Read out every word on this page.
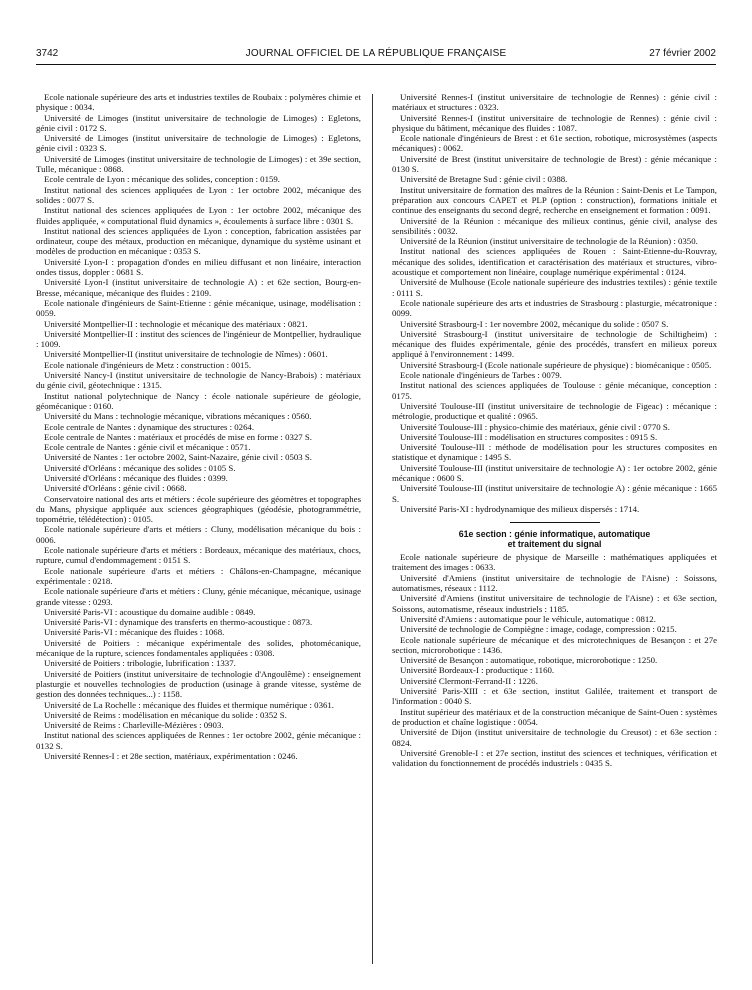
3742	JOURNAL OFFICIEL DE LA RÉPUBLIQUE FRANÇAISE	27 février 2002

Ecole nationale supérieure des arts et industries textiles de Roubaix : polymères chimie et physique : 0034.

Université de Limoges (institut universitaire de technologie de Limoges) : Egletons, génie civil : 0172 S.

Université de Limoges (institut universitaire de technologie de Limoges) : Egletons, génie civil : 0323 S.

Université de Limoges (institut universitaire de technologie de Limoges) : et 39e section, Tulle, mécanique : 0868.

Ecole centrale de Lyon : mécanique des solides, conception : 0159.

Institut national des sciences appliquées de Lyon : 1er octobre 2002, mécanique des solides : 0077 S.

Institut national des sciences appliquées de Lyon : 1er octobre 2002, mécanique des fluides appliquée, « computational fluid dynamics », écoulements à surface libre : 0301 S.

Institut national des sciences appliquées de Lyon : conception, fabrication assistées par ordinateur, coupe des métaux, production en mécanique, dynamique du système usinant et modèles de production en mécanique : 0353 S.

Université Lyon-I : propagation d'ondes en milieu diffusant et non linéaire, interaction ondes tissus, doppler : 0681 S.

Université Lyon-I (institut universitaire de technologie A) : et 62e section, Bourg-en-Bresse, mécanique, mécanique des fluides : 2109.

Ecole nationale d'ingénieurs de Saint-Etienne : génie mécanique, usinage, modélisation : 0059.

Université Montpellier-II : technologie et mécanique des matériaux : 0821.

Université Montpellier-II : institut des sciences de l'ingénieur de Montpellier, hydraulique : 1009.

Université Montpellier-II (institut universitaire de technologie de Nîmes) : 0601.

Ecole nationale d'ingénieurs de Metz : construction : 0015.

Université Nancy-I (institut universitaire de technologie de Nancy-Brabois) : matériaux du génie civil, géotechnique : 1315.

Institut national polytechnique de Nancy : école nationale supérieure de géologie, géomécanique : 0160.

Université du Mans : technologie mécanique, vibrations mécaniques : 0560.

Ecole centrale de Nantes : dynamique des structures : 0264.

Ecole centrale de Nantes : matériaux et procédés de mise en forme : 0327 S.

Ecole centrale de Nantes : génie civil et mécanique : 0571.

Université de Nantes : 1er octobre 2002, Saint-Nazaire, génie civil : 0503 S.

Université d'Orléans : mécanique des solides : 0105 S.

Université d'Orléans : mécanique des fluides : 0399.

Université d'Orléans : génie civil : 0668.

Conservatoire national des arts et métiers : école supérieure des géomètres et topographes du Mans, physique appliquée aux sciences géographiques (géodésie, photogrammétrie, topométrie, télédétection) : 0105.

Ecole nationale supérieure d'arts et métiers : Cluny, modélisation mécanique du bois : 0006.

Ecole nationale supérieure d'arts et métiers : Bordeaux, mécanique des matériaux, chocs, rupture, cumul d'endommagement : 0151 S.

Ecole nationale supérieure d'arts et métiers : Châlons-en-Champagne, mécanique expérimentale : 0218.

Ecole nationale supérieure d'arts et métiers : Cluny, génie mécanique, mécanique, usinage grande vitesse : 0293.

Université Paris-VI : acoustique du domaine audible : 0849.

Université Paris-VI : dynamique des transferts en thermo-acoustique : 0873.

Université Paris-VI : mécanique des fluides : 1068.

Université de Poitiers : mécanique expérimentale des solides, photomécanique, mécanique de la rupture, sciences fondamentales appliquées : 0308.

Université de Poitiers : tribologie, lubrification : 1337.

Université de Poitiers (institut universitaire de technologie d'Angoulême) : enseignement plasturgie et nouvelles technologies de production (usinage à grande vitesse, système de gestion des données techniques...) : 1158.

Université de La Rochelle : mécanique des fluides et thermique numérique : 0361.

Université de Reims : modélisation en mécanique du solide : 0352 S.

Université de Reims : Charleville-Mézières : 0903.

Institut national des sciences appliquées de Rennes : 1er octobre 2002, génie mécanique : 0132 S.

Université Rennes-I : et 28e section, matériaux, expérimentation : 0246.

Université Rennes-I (institut universitaire de technologie de Rennes) : génie civil : matériaux et structures : 0323.

Université Rennes-I (institut universitaire de technologie de Rennes) : génie civil : physique du bâtiment, mécanique des fluides : 1087.

Ecole nationale d'ingénieurs de Brest : et 61e section, robotique, microsystèmes (aspects mécaniques) : 0062.

Université de Brest (institut universitaire de technologie de Brest) : génie mécanique : 0130 S.

Université de Bretagne Sud : génie civil : 0388.

Institut universitaire de formation des maîtres de la Réunion : Saint-Denis et Le Tampon, préparation aux concours CAPET et PLP (option : construction), formations initiale et continue des enseignants du second degré, recherche en enseignement et formation : 0091.

Université de la Réunion : mécanique des milieux continus, génie civil, analyse des sensibilités : 0032.

Université de la Réunion (institut universitaire de technologie de la Réunion) : 0350.

Institut national des sciences appliquées de Rouen : Saint-Etienne-du-Rouvray, mécanique des solides, identification et caractérisation des matériaux et structures, vibro-acoustique et comportement non linéaire, couplage numérique expérimental : 0124.

Université de Mulhouse (Ecole nationale supérieure des industries textiles) : génie textile : 0111 S.

Ecole nationale supérieure des arts et industries de Strasbourg : plasturgie, mécatronique : 0099.

Université Strasbourg-I : 1er novembre 2002, mécanique du solide : 0507 S.

Université Strasbourg-I (institut universitaire de technologie de Schiltigheim) : mécanique des fluides expérimentale, génie des procédés, transfert en milieux poreux appliqué à l'environnement : 1499.

Université Strasbourg-I (Ecole nationale supérieure de physique) : biomécanique : 0505.

Ecole nationale d'ingénieurs de Tarbes : 0079.

Institut national des sciences appliquées de Toulouse : génie mécanique, conception : 0175.

Université Toulouse-III (institut universitaire de technologie de Figeac) : mécanique : métrologie, productique et qualité : 0965.

Université Toulouse-III : physico-chimie des matériaux, génie civil : 0770 S.

Université Toulouse-III : modélisation en structures composites : 0915 S.

Université Toulouse-III : méthode de modélisation pour les structures composites en statistique et dynamique : 1495 S.

Université Toulouse-III (institut universitaire de technologie A) : 1er octobre 2002, génie mécanique : 0600 S.

Université Toulouse-III (institut universitaire de technologie A) : génie mécanique : 1665 S.

Université Paris-XI : hydrodynamique des milieux dispersés : 1714.

61e section : génie informatique, automatique
et traitement du signal

Ecole nationale supérieure de physique de Marseille : mathématiques appliquées et traitement des images : 0633.

Université d'Amiens (institut universitaire de technologie de l'Aisne) : Soissons, automatismes, réseaux : 1112.

Université d'Amiens (institut universitaire de technologie de l'Aisne) : et 63e section, Soissons, automatisme, réseaux industriels : 1185.

Université d'Amiens : automatique pour le véhicule, automatique : 0812.

Université de technologie de Compiègne : image, codage, compression : 0215.

Ecole nationale supérieure de mécanique et des microtechniques de Besançon : et 27e section, microrobotique : 1436.

Université de Besançon : automatique, robotique, microrobotique : 1250.

Université Bordeaux-I : productique : 1160.

Université Clermont-Ferrand-II : 1226.

Université Paris-XIII : et 63e section, institut Galilée, traitement et transport de l'information : 0040 S.

Institut supérieur des matériaux et de la construction mécanique de Saint-Ouen : systèmes de production et chaîne logistique : 0054.

Université de Dijon (institut universitaire de technologie du Creusot) : et 63e section : 0824.

Université Grenoble-I : et 27e section, institut des sciences et techniques, vérification et validation du fonctionnement de procédés industriels : 0435 S.
